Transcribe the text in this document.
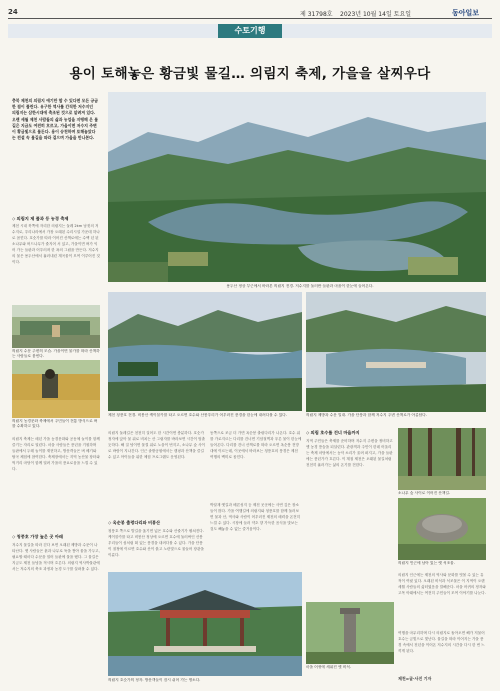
24	제 31798호 2023년 10월 14일 토요일	동아일보
수토기행
용이 토해놓은 황금빛 물길… 의림지 축제, 가을을 살찌우다
충북 제천의 의림지 얘기만 할 수 있다면 모든 궁금한 점이 풀린다. 유구한 역사를 간직한 저수지인 의림지는 삼한시대에 축조된 것으로 알려져 있다. 오랜 세월 제천 사람들의 삶과 농업을 지탱해 온 물길은 지금도 여전히 흐르고, 가을이면 저수지 주변이 황금빛으로 물든다. 용이 승천하며 토해놓았다는 전설 속 물길을 따라 걸으며 가을을 만나본다.
◇ 의림지 제 풀과 등 농경 축제
제천 시내 북쪽에 자리한 의림지는 둘레 2km 남짓의 저수지로, 우리나라에서 가장 오래된 수리시설 가운데 하나로 꼽힌다. 호숫가를 따라 이어진 산책로에는 수백 년 된 소나무와 버드나무가 줄지어 서 있고, 가을이면 벼가 익어 가는 들판과 어우러져 한 폭의 그림을 만든다. 저수지의 물은 용두산에서 흘러내린 계곡물이 모여 이루어진 것이다.
의림지 수문 주변의 모습. 가을이면 물가를 따라 산책하는 사람들로 붐빈다.
의림지 농경문화 축제에서 주민들이 전통 방식으로 벼를 수확하고 있다.
의림지 축제는 매년 가을 농경문화와 공동체 놀이를 함께 즐기는 자리로 열린다. 마을 사람들은 풍년을 기원하며 들판에서 두레 놀이를 재현하고, 방문객들은 벼 베기와 탈곡 체험에 참여한다. 축제장에서는 지역 농산물 장터와 먹거리 마당이 함께 열려 가을의 풍요로움을 느낄 수 있다.
◇ 청풍호 가장 높은 곳 아래
저수지 물길을 따라 걷다 보면 오래된 제방과 수문이 나타난다. 옛 사람들은 흙과 나무로 둑을 쌓아 물을 가두고, 필요할 때마다 수문을 열어 들판에 물을 댔다. 그 물길은 지금도 제천 들녘을 적시며 흐른다. 의림지 역사박물관에서는 저수지의 축조 과정과 농경 도구를 살펴볼 수 있다.
용두산 정상 부근에서 바라본 의림지 전경. 저수지를 둘러싼 들판과 마을이 한눈에 들어온다.
제천 청풍호 전경. 비봉산 케이블카를 타고 오르면 호수와 산봉우리가 어우러진 풍경을 한눈에 내려다볼 수 있다.	의림지 제방과 수문 일대. 가을 단풍과 함께 저수지 주변 산책로가 아름답다.
의림지 둘레길은 천천히 걸어도 한 시간이면 충분하다. 호숫가 정자에 앉아 물 위로 비치는 산 그림자를 바라보면 시간이 멈춘 듯하다. 해 질 녘이면 물결 위로 노을이 번지고, 소나무 숲 사이로 바람이 지나간다. 인근 솔밭공원에서는 캠핑과 산책을 즐길 수 있고 아이들을 위한 체험 프로그램도 운영된다.
◇ 옥순봉 출렁다리와 비봉산
청풍호 쪽으로 발길을 옮기면 넓은 호수와 산줄기가 펼쳐진다. 케이블카를 타고 비봉산 정상에 오르면 호수에 둘러싸인 산봉우리들이 섬처럼 떠 있는 풍경을 내려다볼 수 있다. 가을 단풍이 절정에 이르면 호수와 산이 붉고 노란빛으로 물들어 장관을 이룬다.
동쪽으로 조금 더 가면 옥순봉 출렁다리가 나온다. 호수 위를 가로지르는 다리를 건너면 기암절벽과 푸른 물이 한눈에 들어온다. 다리를 건너 산책로를 따라 오르면 옥순봉 전망대에 이르는데, 이곳에서 바라보는 청풍호의 풍경은 제천 여행의 백미로 꼽힌다.
박달재 옛길과 배론성지 등 제천 곳곳에는 사연 깊은 장소들이 많다. 가을 여행길에 의림지와 청풍호를 함께 둘러보면 물과 산, 역사와 사람이 어우러진 제천의 매력을 온전히 느낄 수 있다. 시장에 들러 약초 향 가득한 음식을 맛보는 것도 빼놓을 수 없는 즐거움이다.
의림지 호숫가의 정자. 방문객들이 잠시 쉬어 가는 명소다.
◇ 의림 호수를 건너 마을까지
지역 주민들은 축제를 준비하며 저수지 주변을 정비하고 옛 농경 풍습을 되살린다. 관광객과 주민이 한데 어울리는 축제 마당에서는 농악 소리가 울려 퍼지고, 가을 들판에는 풍년가가 흐른다. 이 계절 제천은 오래된 물길처럼 천천히 흘러가는 삶의 온기를 전한다.
소나무 숲 사이로 이어진 산책길.
의림지 인근에 남아 있는 옛 석조물.
마을 어귀에 세워진 옛 비석.
의림지 인근에는 제천의 역사와 문화를 엿볼 수 있는 유적이 여럿 있다. 오래된 비석과 석조물은 이 지역이 오랜 세월 사람들의 삶터였음을 말해준다. 마을 어귀의 정자와 고목 아래에서는 여전히 주민들이 모여 이야기를 나눈다.
여행을 마무리하며 다시 의림지로 돌아오면 해가 저물어 호수는 금빛으로 빛난다. 물길을 따라 이어지는 가을 풍경 속에서 천년을 이어온 저수지의 시간을 다시 한 번 느끼게 된다.
제천=글·사진 기자
